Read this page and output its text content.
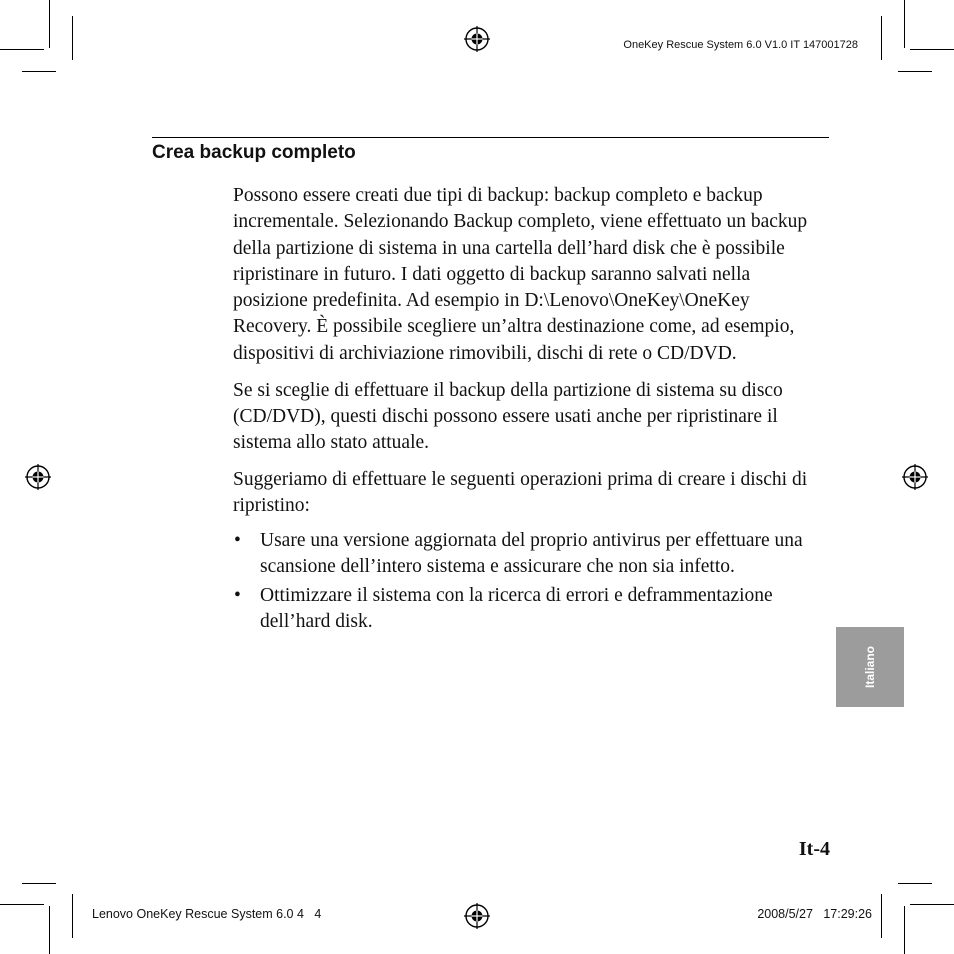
OneKey Rescue System 6.0 V1.0 IT 147001728
Crea backup completo

Possono essere creati due tipi di backup: backup completo e backup incrementale. Selezionando Backup completo, viene effettuato un backup della partizione di sistema in una cartella dell’hard disk che è possibile ripristinare in futuro. I dati oggetto di backup saranno salvati nella posizione predefinita. Ad esempio in D:\Lenovo\OneKey\OneKey Recovery. È possibile scegliere un’altra destinazione come, ad esempio, dispositivi di archiviazione rimovibili, dischi di rete o CD/DVD.

Se si sceglie di effettuare il backup della partizione di sistema su disco (CD/DVD), questi dischi possono essere usati anche per ripristinare il sistema allo stato attuale.

Suggeriamo di effettuare le seguenti operazioni prima di creare i dischi di ripristino:

• Usare una versione aggiornata del proprio antivirus per effettuare una scansione dell’intero sistema e assicurare che non sia infetto.
• Ottimizzare il sistema con la ricerca di errori e deframmentazione dell’hard disk.
Italiano
It-4
Lenovo OneKey Rescue System 6.0 4   4	2008/5/27   17:29:26
